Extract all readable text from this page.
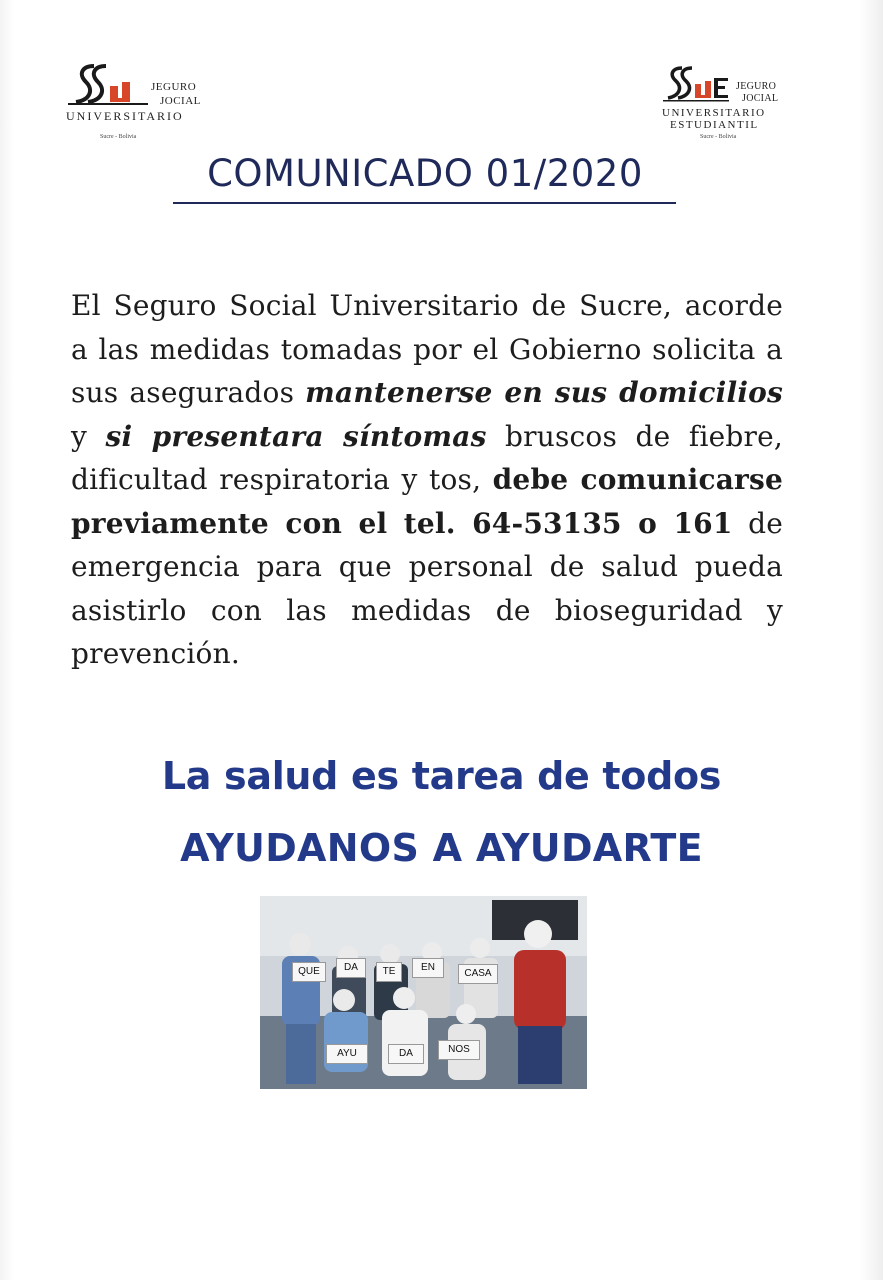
JEGURO
JOCIAL
UNIVERSITARIO
Sucre - Bolivia
JEGURO
JOCIAL
UNIVERSITARIO
ESTUDIANTIL
Sucre - Bolivia
COMUNICADO 01/2020
El Seguro Social Universitario de Sucre, acorde a las medidas tomadas por el Gobierno solicita a sus asegurados mantenerse en sus domicilios y si presentara síntomas bruscos de fiebre, dificultad respiratoria y tos, debe comunicarse previamente con el tel. 64-53135 o 161 de emergencia para que personal de salud pueda asistirlo con las medidas de bioseguridad y prevención.
La salud es tarea de todos
AYUDANOS A AYUDARTE
QUE	DA	TE	EN
CASA
AYU	DA	NOS
